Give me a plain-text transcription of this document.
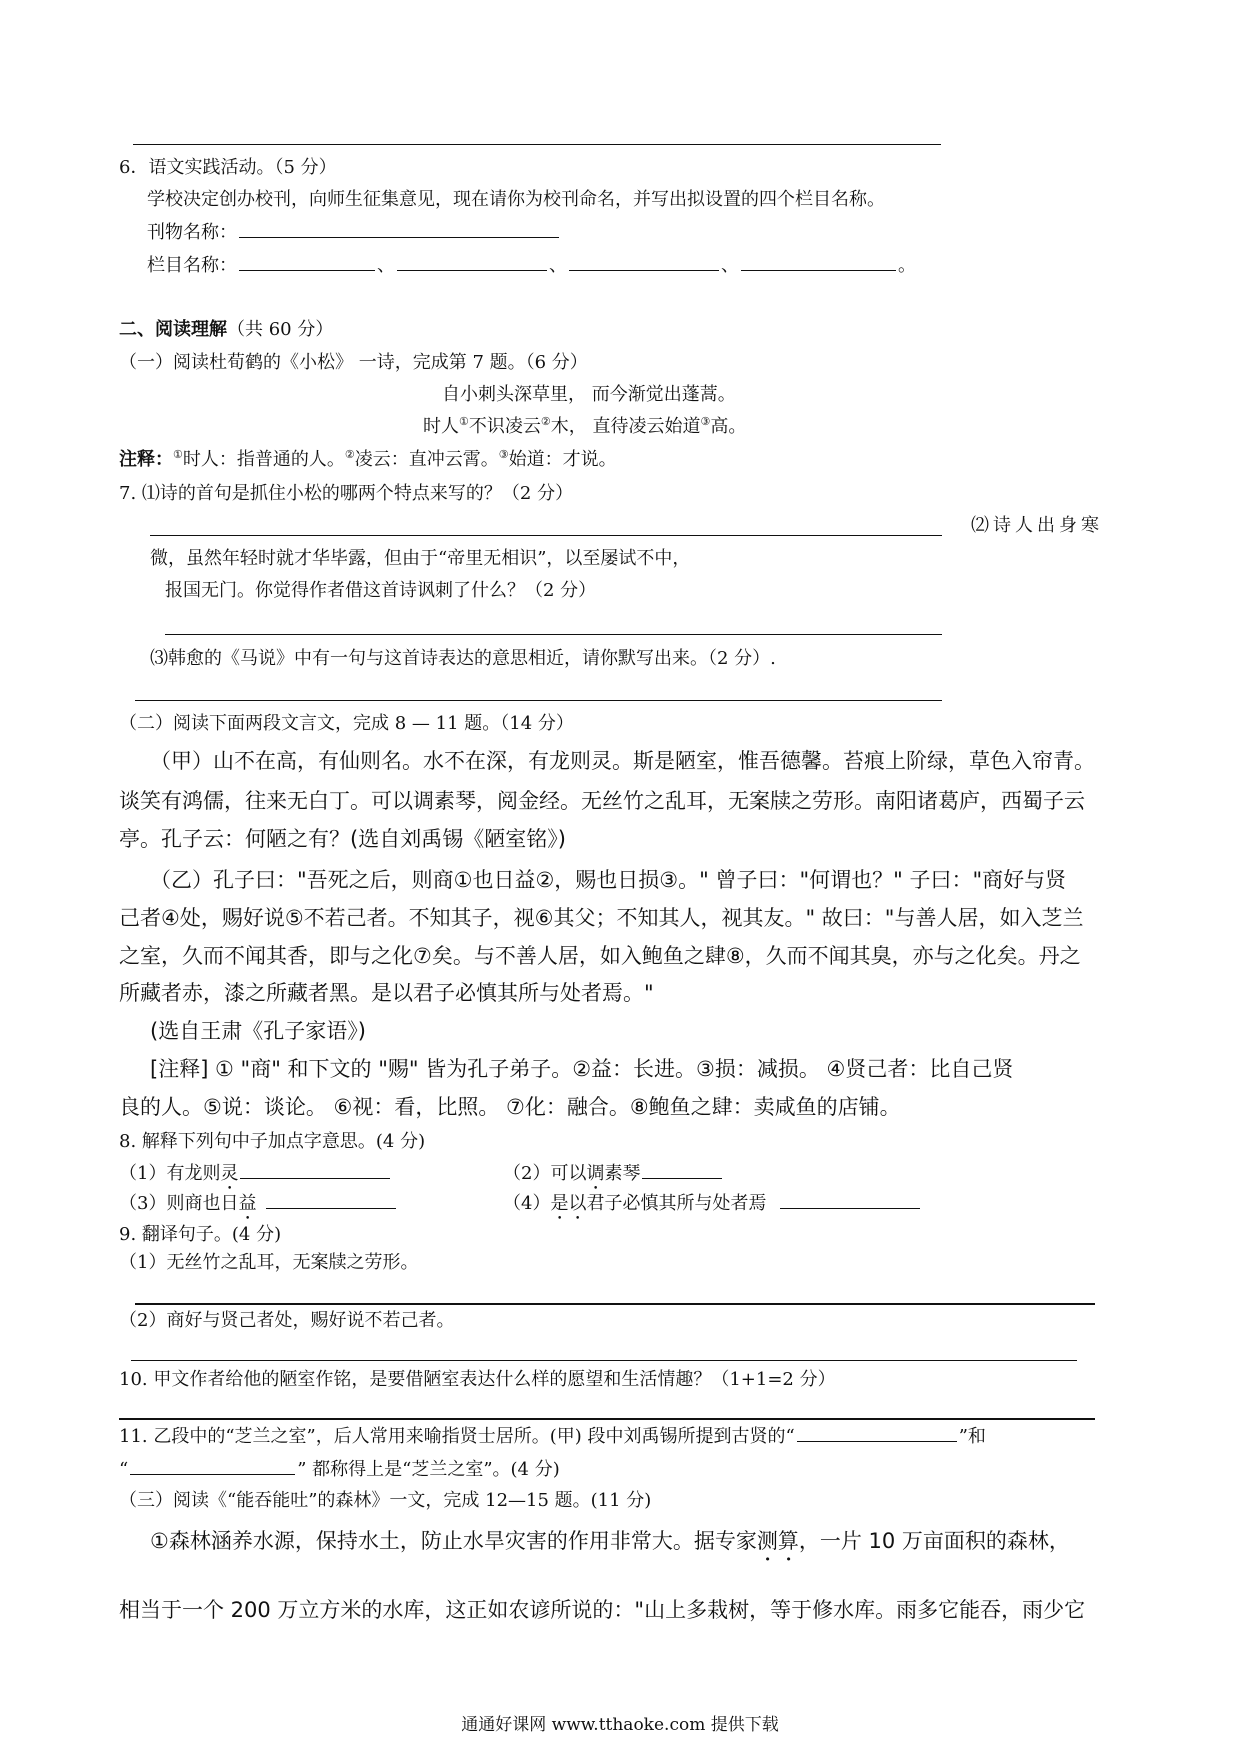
6．语文实践活动。（5 分）
学校决定创办校刊，向师生征集意见，现在请你为校刊命名，并写出拟设置的四个栏目名称。
刊物名称：
栏目名称：	、	、	、	。
二、阅读理解（共 60 分）
（一）阅读杜荀鹤的《小松》 一诗，完成第 7 题。（6 分）
自小刺头深草里， 而今渐觉出蓬蒿。
时人①不识凌云②木， 直待凌云始道③高。
注释：①时人：指普通的人。②凌云：直冲云霄。③始道：才说。
7. ⑴诗的首句是抓住小松的哪两个特点来写的？（2 分）
⑵诗人出身寒
微，虽然年轻时就才华毕露，但由于“帝里无相识”，以至屡试不中，
报国无门。你觉得作者借这首诗讽刺了什么？（2 分）
⑶韩愈的《马说》中有一句与这首诗表达的意思相近，请你默写出来。（2 分）.
（二）阅读下面两段文言文，完成 8 — 11 题。（14 分）
（甲）山不在高，有仙则名。水不在深，有龙则灵。斯是陋室，惟吾德馨。苔痕上阶绿，草色入帘青。
谈笑有鸿儒，往来无白丁。可以调素琴，阅金经。无丝竹之乱耳，无案牍之劳形。南阳诸葛庐，西蜀子云
亭。孔子云：何陋之有？(选自刘禹锡《陋室铭》)
（乙）孔子曰："吾死之后，则商①也日益②，赐也日损③。" 曾子曰："何谓也？" 子曰："商好与贤
己者④处，赐好说⑤不若己者。不知其子，视⑥其父；不知其人，视其友。" 故曰："与善人居，如入芝兰
之室，久而不闻其香，即与之化⑦矣。与不善人居，如入鲍鱼之肆⑧，久而不闻其臭，亦与之化矣。丹之
所藏者赤，漆之所藏者黑。是以君子必慎其所与处者焉。"
(选自王肃《孔子家语》)
[注释] ① "商" 和下文的 "赐" 皆为孔子弟子。②益：长进。③损：减损。 ④贤己者：比自己贤
良的人。⑤说：谈论。 ⑥视：看，比照。 ⑦化：融合。⑧鲍鱼之肆：卖咸鱼的店铺。
8. 解释下列句中子加点字意思。(4 分)
（1）有龙则灵	（2）可以调素琴
（3）则商也日益	（4）是以君子必慎其所与处者焉
9. 翻译句子。(4 分)
（1）无丝竹之乱耳，无案牍之劳形。
（2）商好与贤己者处，赐好说不若己者。
10. 甲文作者给他的陋室作铭，是要借陋室表达什么样的愿望和生活情趣？（1+1=2 分）
11. 乙段中的“芝兰之室”，后人常用来喻指贤士居所。(甲) 段中刘禹锡所提到古贤的“	”和
“	” 都称得上是“芝兰之室”。(4 分)
（三）阅读《“能吞能吐”的森林》一文，完成 12—15 题。(11 分)
①森林涵养水源，保持水土，防止水旱灾害的作用非常大。据专家测算，一片 10 万亩面积的森林，
相当于一个 200 万立方米的水库，这正如农谚所说的："山上多栽树，等于修水库。雨多它能吞，雨少它
通通好课网 www.tthaoke.com 提供下载
